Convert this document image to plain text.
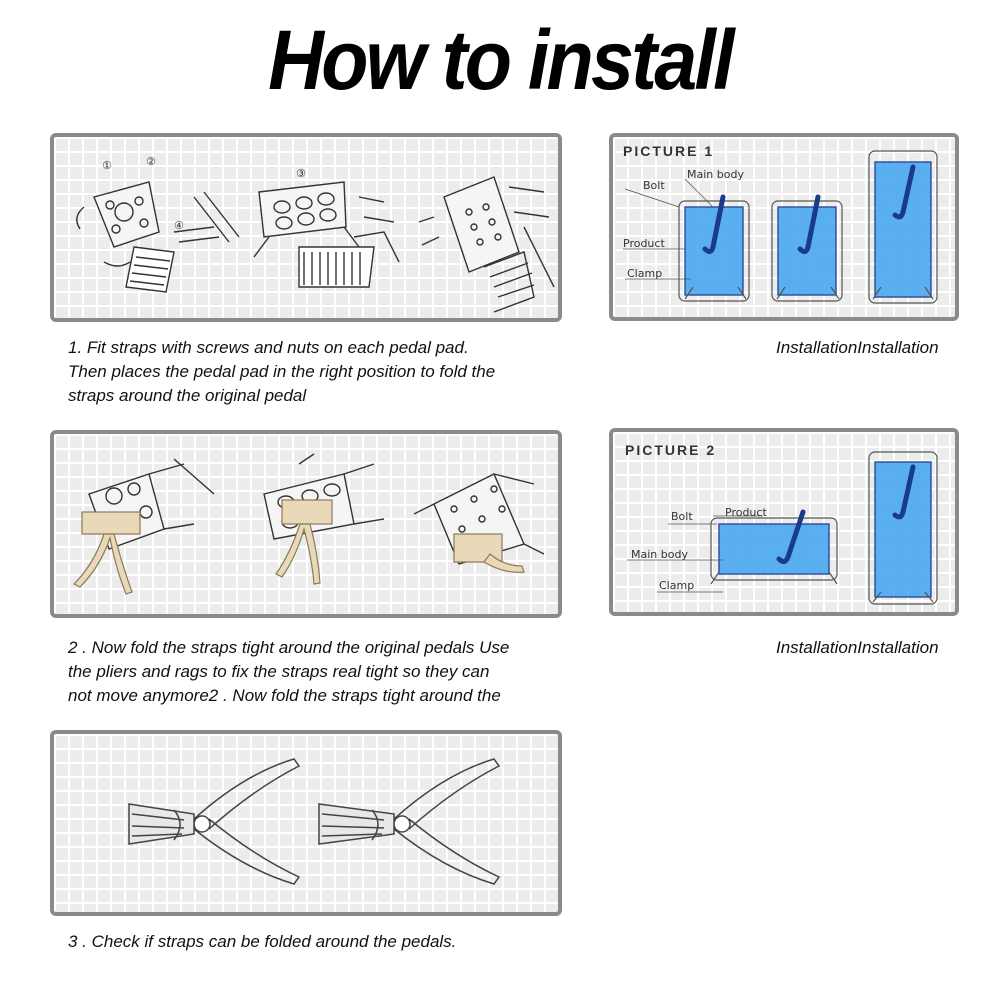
How to install
①	②
③
④
1. Fit straps with screws and nuts on each pedal pad.
Then places the pedal pad in the right position to fold the
straps around the original pedal
PICTURE 1
Bolt
Main body
Product
Clamp
InstallationInstallation
2 . Now fold the straps tight around the original pedals Use
the pliers and rags to fix the straps real tight so they can
not move anymore2 . Now fold the straps tight around the
PICTURE 2
Bolt	Product
Main body
Clamp
InstallationInstallation
3 . Check if straps can be folded around the pedals.
